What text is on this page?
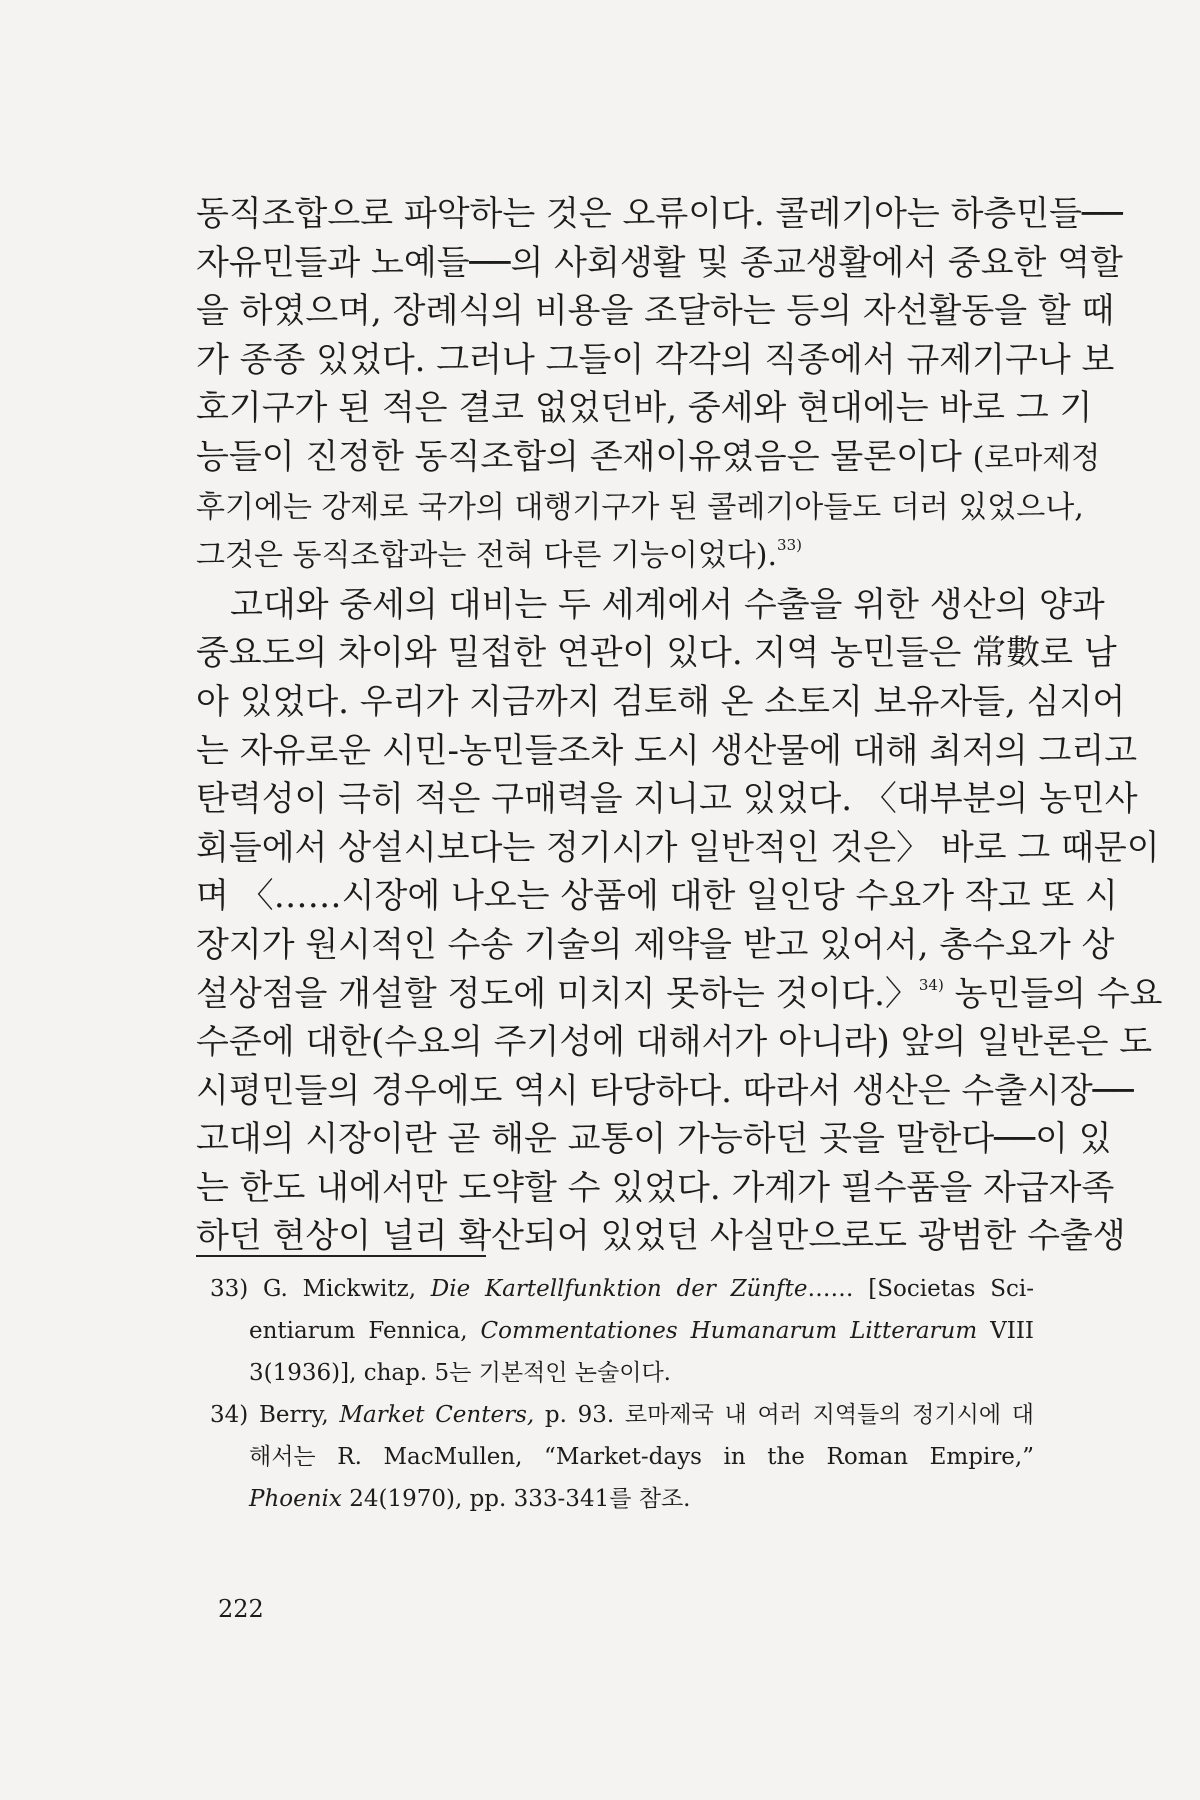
동직조합으로 파악하는 것은 오류이다. 콜레기아는 하층민들──
자유민들과 노예들──의 사회생활 및 종교생활에서 중요한 역할
을 하였으며, 장례식의 비용을 조달하는 등의 자선활동을 할 때
가 종종 있었다. 그러나 그들이 각각의 직종에서 규제기구나 보
호기구가 된 적은 결코 없었던바, 중세와 현대에는 바로 그 기
능들이 진정한 동직조합의 존재이유였음은 물론이다 (로마제정
후기에는 강제로 국가의 대행기구가 된 콜레기아들도 더러 있었으나,
그것은 동직조합과는 전혀 다른 기능이었다).$^{33)}$
고대와 중세의 대비는 두 세계에서 수출을 위한 생산의 양과
중요도의 차이와 밀접한 연관이 있다. 지역 농민들은 常數로 남
아 있었다. 우리가 지금까지 검토해 온 소토지 보유자들, 심지어
는 자유로운 시민-농민들조차 도시 생산물에 대해 최저의 그리고
탄력성이 극히 적은 구매력을 지니고 있었다. 〈대부분의 농민사
회들에서 상설시보다는 정기시가 일반적인 것은〉 바로 그 때문이
며 〈……시장에 나오는 상품에 대한 일인당 수요가 작고 또 시
장지가 원시적인 수송 기술의 제약을 받고 있어서, 총수요가 상
설상점을 개설할 정도에 미치지 못하는 것이다.〉$^{34)}$ 농민들의 수요
수준에 대한(수요의 주기성에 대해서가 아니라) 앞의 일반론은 도
시평민들의 경우에도 역시 타당하다. 따라서 생산은 수출시장──
고대의 시장이란 곧 해운 교통이 가능하던 곳을 말한다──이 있
는 한도 내에서만 도약할 수 있었다. 가계가 필수품을 자급자족
하던 현상이 널리 확산되어 있었던 사실만으로도 광범한 수출생
33) G. Mickwitz, Die Kartellfunktion der Zünfte…… [Societas Sci-
entiarum Fennica, Commentationes Humanarum Litterarum VIII
3(1936)], chap. 5는 기본적인 논술이다.
34) Berry, Market Centers, p. 93. 로마제국 내 여러 지역들의 정기시에 대
해서는 R. MacMullen, “Market-days in the Roman Empire,”
Phoenix 24(1970), pp. 333-341를 참조.
222
